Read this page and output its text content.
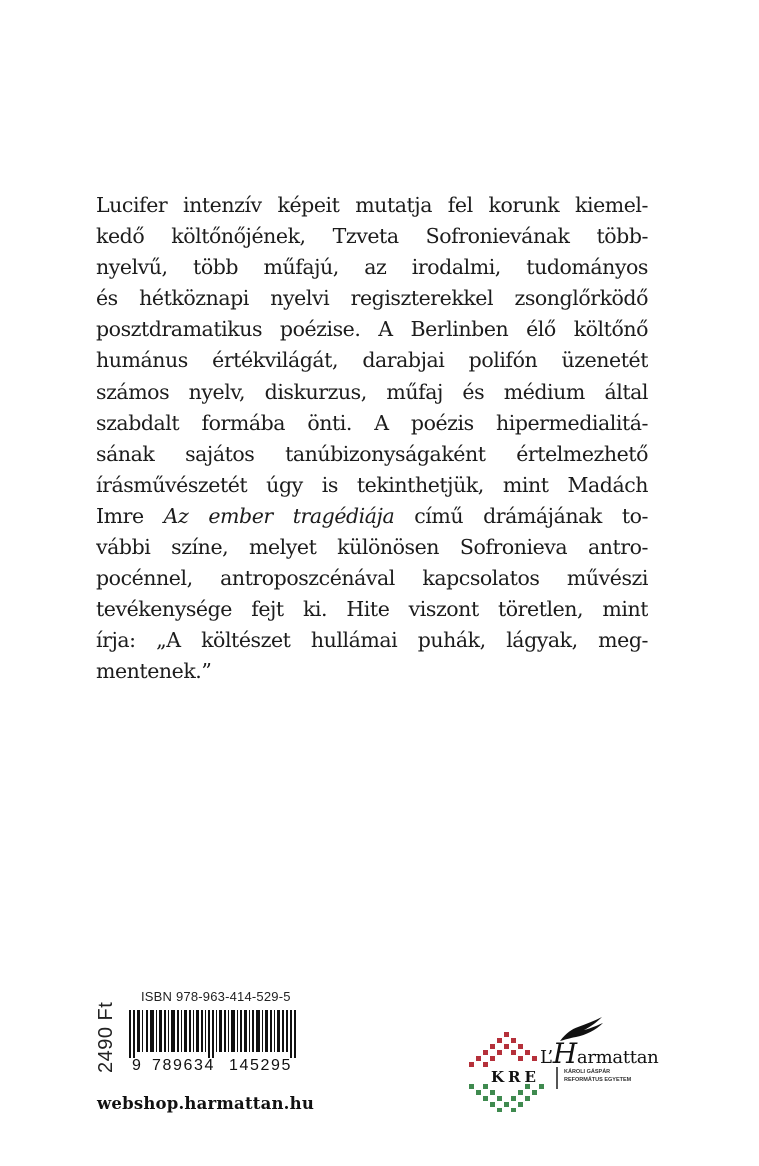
Lucifer intenzív képeit mutatja fel korunk kiemel-
kedő költőnőjének, Tzveta Sofronievának több-
nyelvű, több műfajú, az irodalmi, tudományos
és hétköznapi nyelvi regiszterekkel zsonglőrködő
posztdramatikus poézise. A Berlinben élő költőnő
humánus értékvilágát, darabjai polifón üzenetét
számos nyelv, diskurzus, műfaj és médium által
szabdalt formába önti. A poézis hipermedialitá-
sának sajátos tanúbizonyságaként értelmezhető
írásművészetét úgy is tekinthetjük, mint Madách
Imre Az ember tragédiája című drámájának to-
vábbi színe, melyet különösen Sofronieva antro-
pocénnel, antroposzcénával kapcsolatos művészi
tevékenysége fejt ki. Hite viszont töretlen, mint
írja: „A költészet hullámai puhák, lágyak, meg-
mentenek.”
2490 Ft
ISBN 978-963-414-529-5
9 789634 145295
webshop.harmattan.hu
KRE	KÁROLI GÁSPÁR
REFORMÁTUS EGYETEM
L’Harmattan
